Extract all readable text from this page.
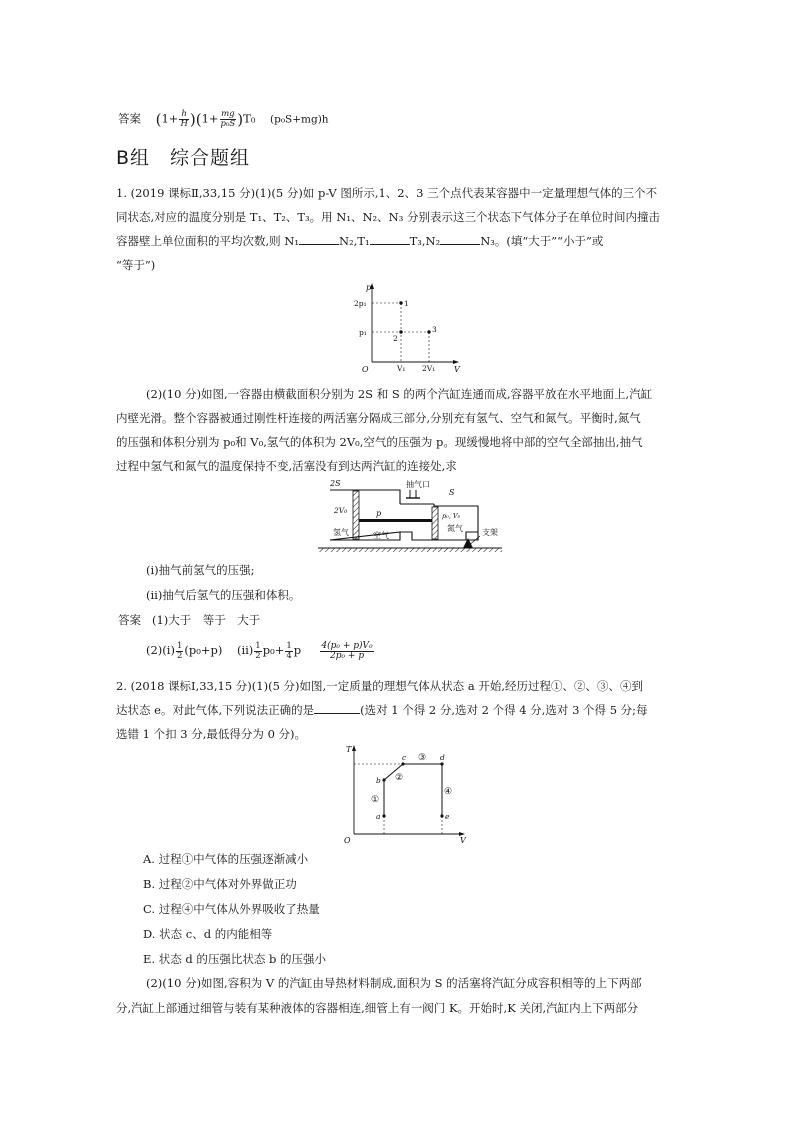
答案 $(1+ \frac{h}{H} )(1+ \frac{mg}{\text{p₀S}} )T_0$    (p₀S+mg)h
B组　综合题组
1. (2019 课标Ⅱ,33,15 分)(1)(5 分)如 p-V 图所示,1、2、3 三个点代表某容器中一定量理想气体的三个不
同状态,对应的温度分别是 T₁、T₂、T₃。用 N₁、N₂、N₃ 分别表示这三个状态下气体分子在单位时间内撞击
容器壁上单位面积的平均次数,则 N₁	N₂,T₁	T₃,N₂	N₃。(填“大于”“小于”或
“等于”)
p
V
O
2p₁
p₁
V₁ 2V₁
1
2
3
(2)(10 分)如图,一容器由横截面积分别为 2S 和 S 的两个汽缸连通而成,容器平放在水平地面上,汽缸
内壁光滑。整个容器被通过刚性杆连接的两活塞分隔成三部分,分别充有氢气、空气和氮气。平衡时,氮气
的压强和体积分别为 p₀和 V₀,氢气的体积为 2V₀,空气的压强为 p。现缓慢地将中部的空气全部抽出,抽气
过程中氢气和氮气的温度保持不变,活塞没有到达两汽缸的连接处,求
2S
2V₀
氢气
p
抽气口
S
p₀, V₀
氮气
空气	支架
(ⅰ)抽气前氢气的压强;
(ⅱ)抽气后氢气的压强和体积。
答案 (1)大于　等于　大于
(2)(ⅰ) $\frac{1}{2} (p_0+p)$ (ⅱ) $\frac{1}{2} p_0+ \frac{1}{4}$ p $\frac{\text{4(p₀ + p)V₀}}{\text{2p₀ + p}}$
2. (2018 课标Ⅰ,33,15 分)(1)(5 分)如图,一定质量的理想气体从状态 a 开始,经历过程①、②、③、④到
达状态 e。对此气体,下列说法正确的是	(选对 1 个得 2 分,选对 2 个得 4 分,选对 3 个得 5 分;每
选错 1 个扣 3 分,最低得分为 0 分)。
T
V
O
a
b
c	d
e
①
②
③
④
A. 过程①中气体的压强逐渐减小
B. 过程②中气体对外界做正功
C. 过程④中气体从外界吸收了热量
D. 状态 c、d 的内能相等
E. 状态 d 的压强比状态 b 的压强小
(2)(10 分)如图,容积为 V 的汽缸由导热材料制成,面积为 S 的活塞将汽缸分成容积相等的上下两部
分,汽缸上部通过细管与装有某种液体的容器相连,细管上有一阀门 K。开始时,K 关闭,汽缸内上下两部分
